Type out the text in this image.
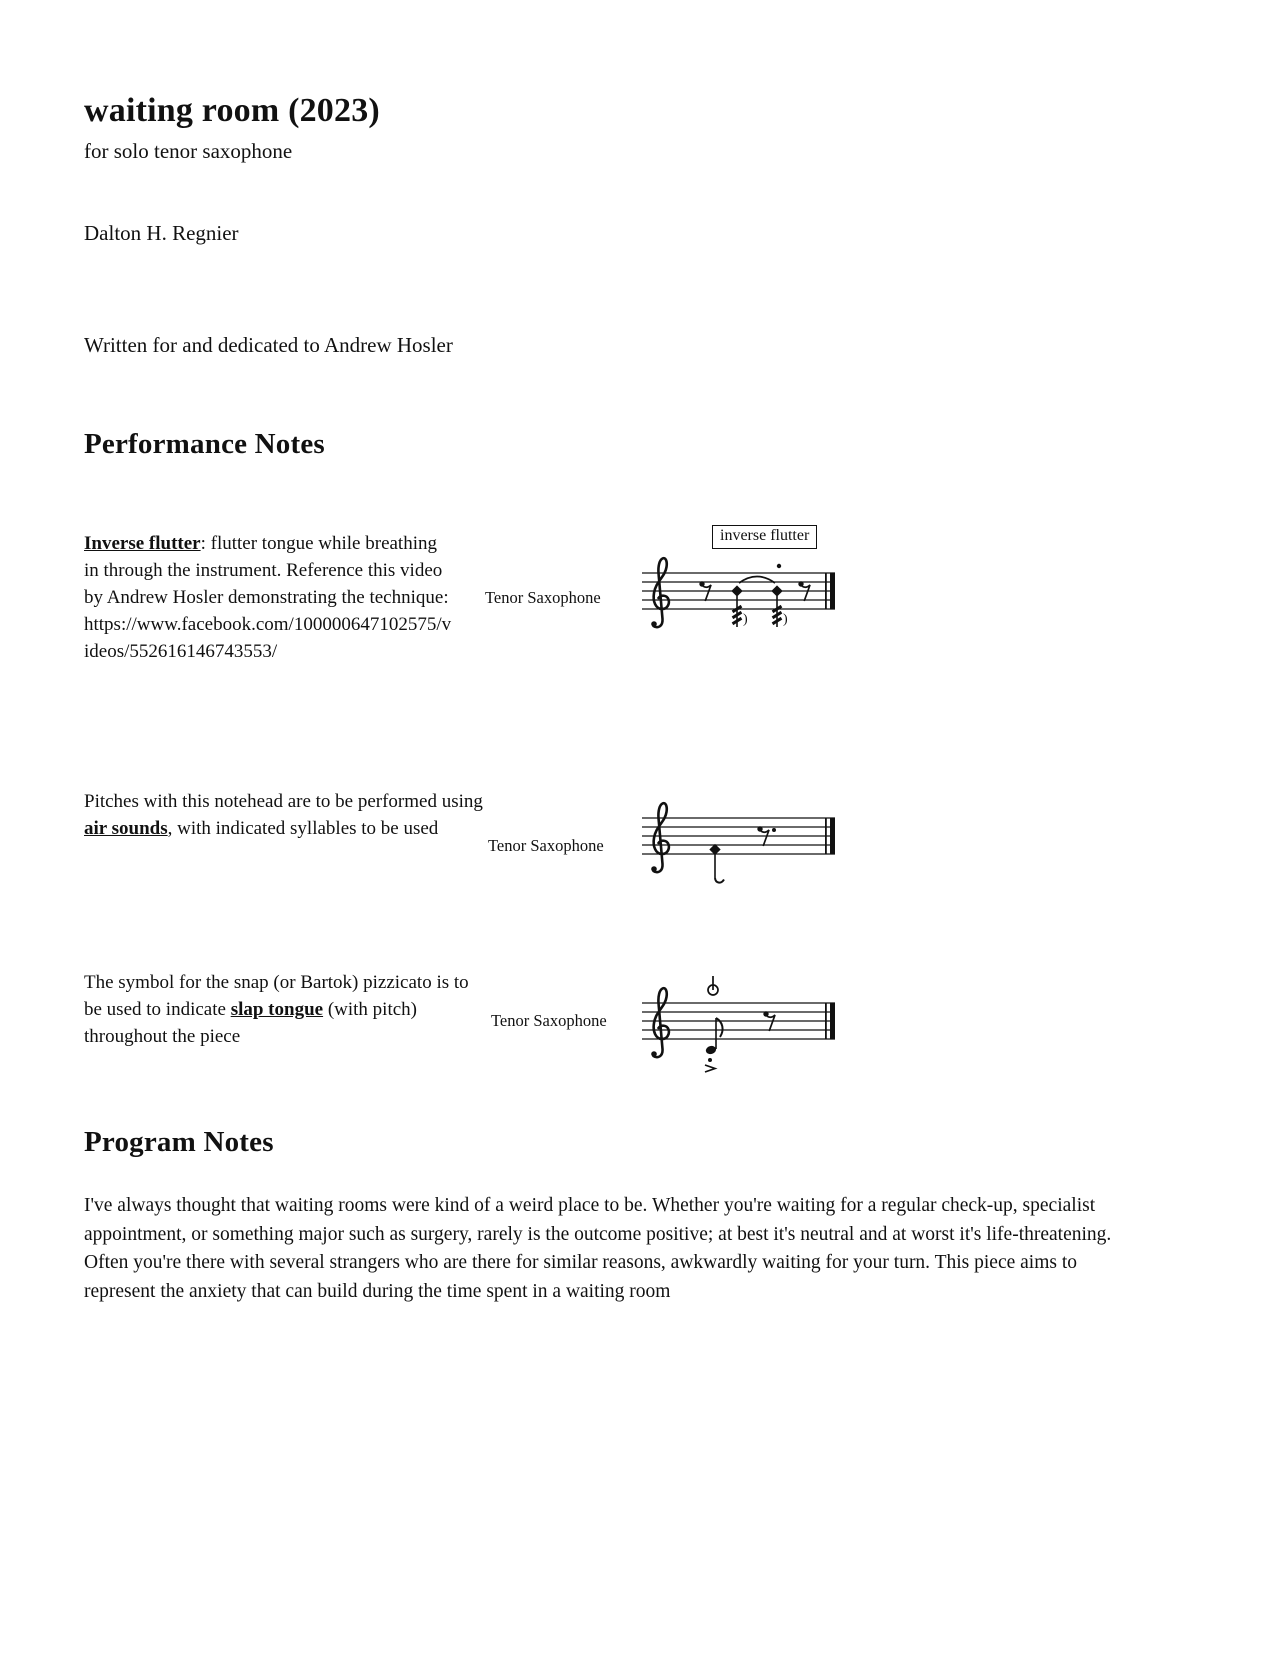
waiting room (2023)
for solo tenor saxophone
Dalton H. Regnier
Written for and dedicated to Andrew Hosler
Performance Notes
Inverse flutter: flutter tongue while breathing in through the instrument. Reference this video by Andrew Hosler demonstrating the technique: https://www.facebook.com/100000647102575/videos/552616146743553/
Tenor Saxophone
inverse flutter
)	)
Pitches with this notehead are to be performed using air sounds, with indicated syllables to be used
Tenor Saxophone
The symbol for the snap (or Bartok) pizzicato is to be used to indicate slap tongue (with pitch) throughout the piece
Tenor Saxophone
Program Notes
I've always thought that waiting rooms were kind of a weird place to be. Whether you're waiting for a regular check-up, specialist appointment, or something major such as surgery, rarely is the outcome positive; at best it's neutral and at worst it's life-threatening. Often you're there with several strangers who are there for similar reasons, awkwardly waiting for your turn. This piece aims to represent the anxiety that can build during the time spent in a waiting room
